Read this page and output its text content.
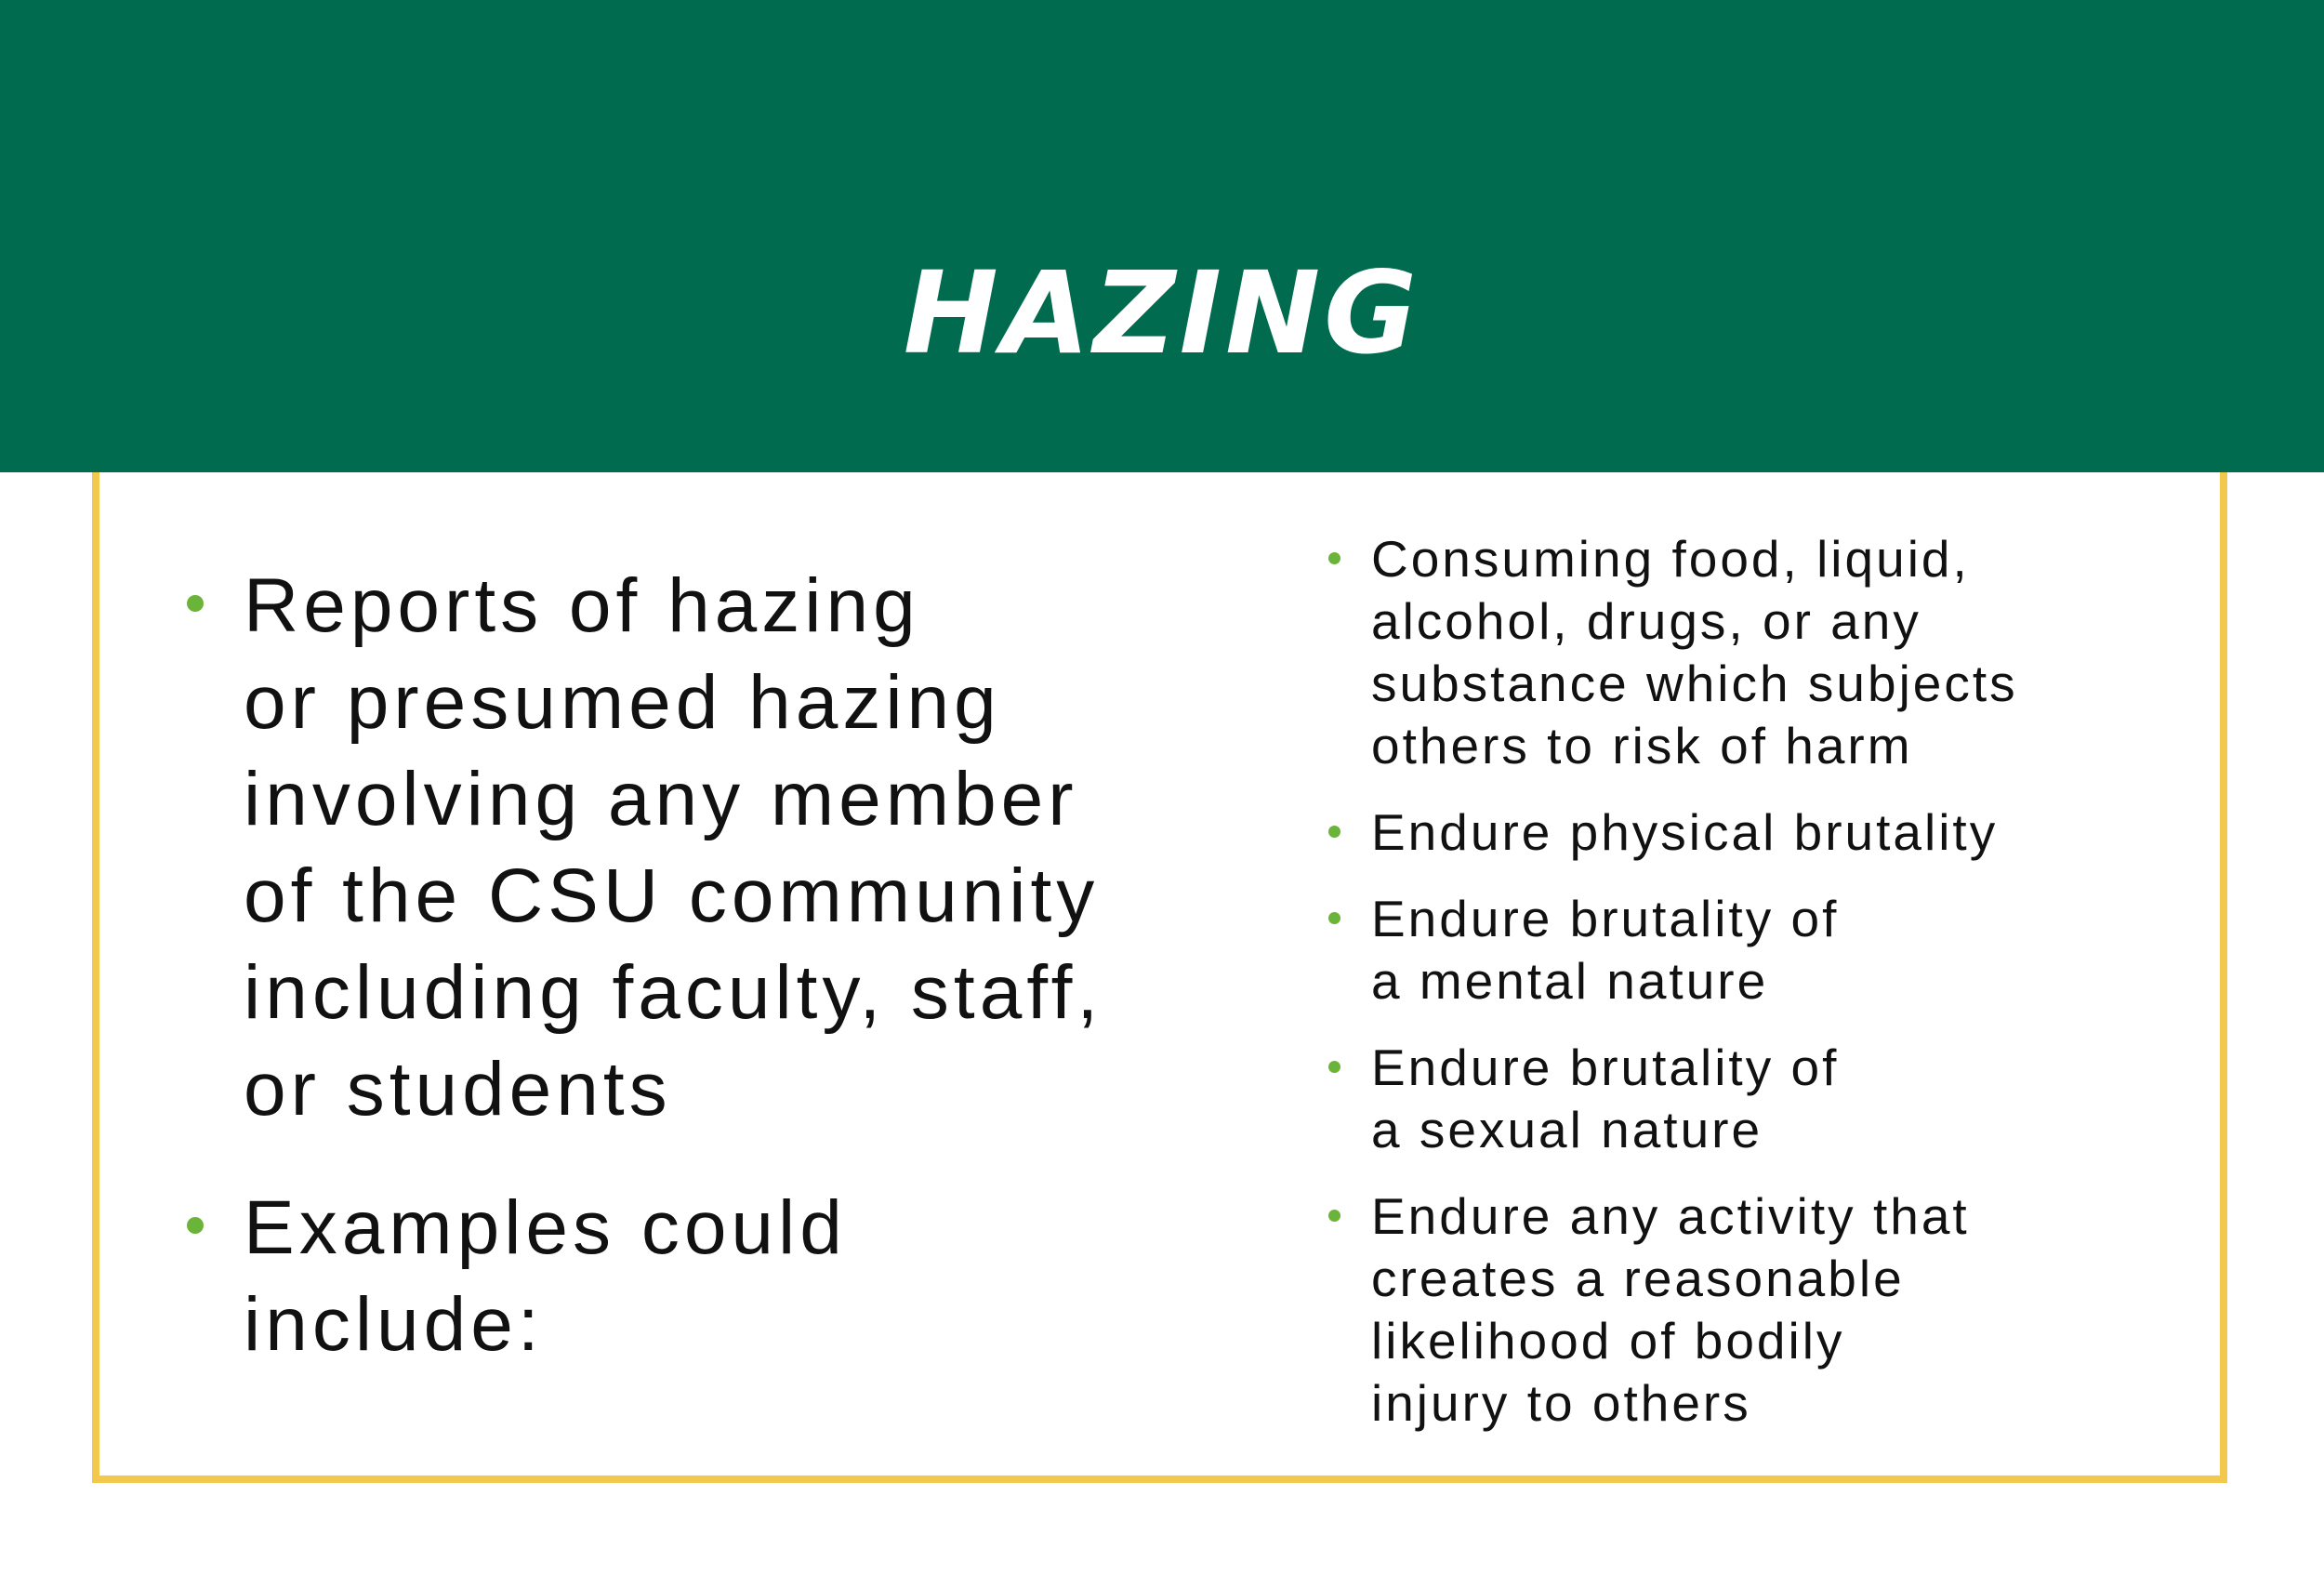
HAZING
Reports of hazing
or presumed hazing
involving any member
of the CSU community
including faculty, staff,
or students
Examples could
include:
Consuming food, liquid,
alcohol, drugs, or any
substance which subjects
others to risk of harm
Endure physical brutality
Endure brutality of
a mental nature
Endure brutality of
a sexual nature
Endure any activity that
creates a reasonable
likelihood of bodily
injury to others
